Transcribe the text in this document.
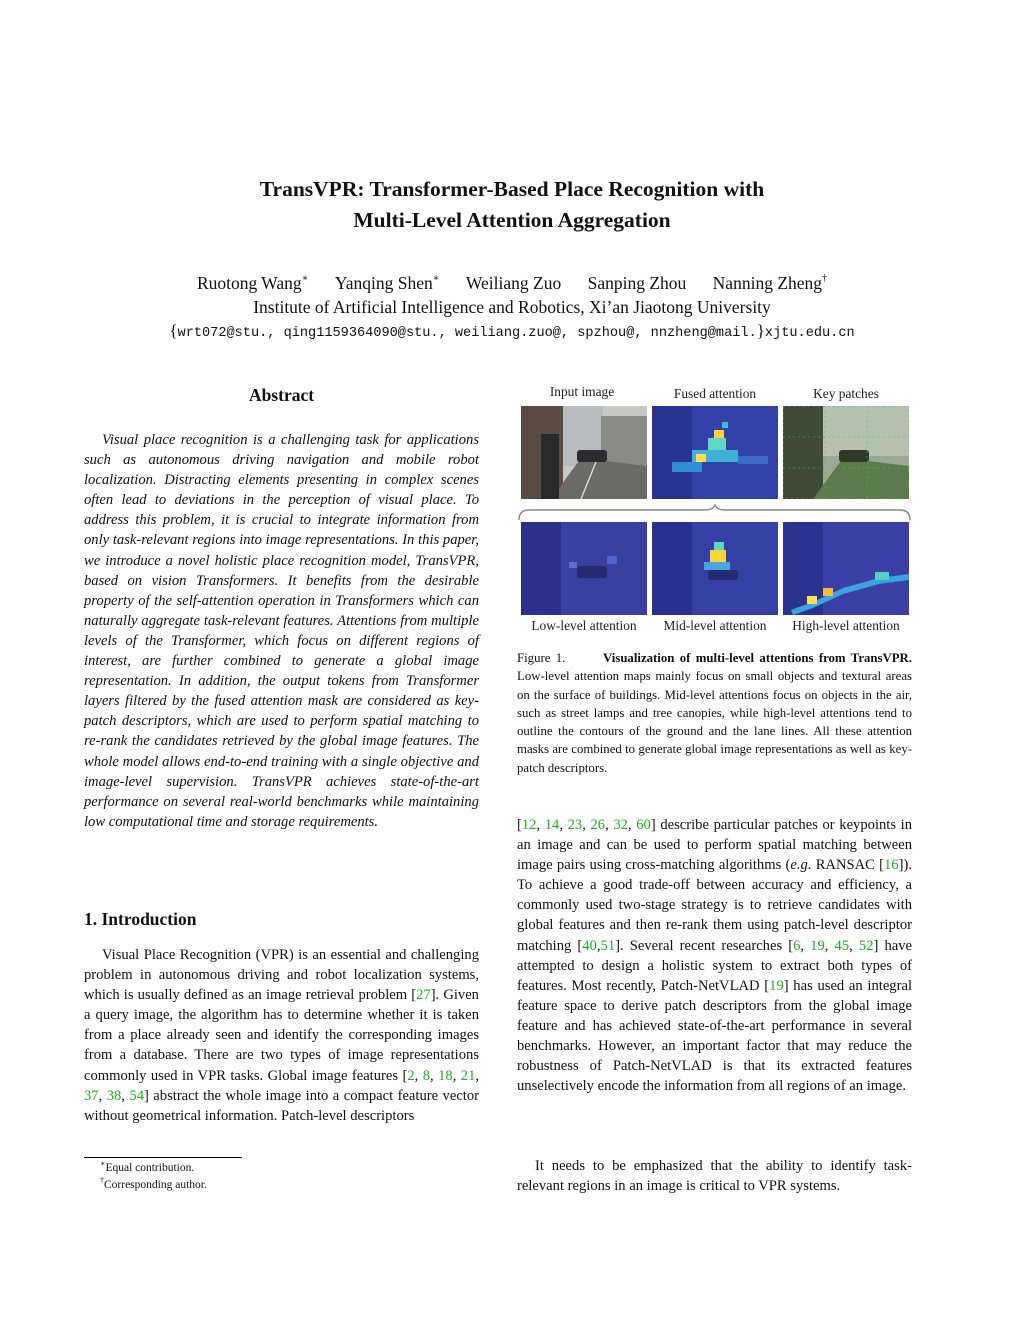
TransVPR: Transformer-Based Place Recognition with
Multi-Level Attention Aggregation
Ruotong Wang∗ Yanqing Shen∗ Weiliang Zuo Sanping Zhou Nanning Zheng†
Institute of Artificial Intelligence and Robotics, Xi’an Jiaotong University
{wrt072@stu., qing1159364090@stu., weiliang.zuo@, spzhou@, nnzheng@mail.}xjtu.edu.cn
Abstract
Visual place recognition is a challenging task for applications such as autonomous driving navigation and mobile robot localization. Distracting elements presenting in complex scenes often lead to deviations in the perception of visual place. To address this problem, it is crucial to integrate information from only task-relevant regions into image representations. In this paper, we introduce a novel holistic place recognition model, TransVPR, based on vision Transformers. It benefits from the desirable property of the self-attention operation in Transformers which can naturally aggregate task-relevant features. Attentions from multiple levels of the Transformer, which focus on different regions of interest, are further combined to generate a global image representation. In addition, the output tokens from Transformer layers filtered by the fused attention mask are considered as key-patch descriptors, which are used to perform spatial matching to re-rank the candidates retrieved by the global image features. The whole model allows end-to-end training with a single objective and image-level supervision. TransVPR achieves state-of-the-art performance on several real-world benchmarks while maintaining low computational time and storage requirements.
1. Introduction
Visual Place Recognition (VPR) is an essential and challenging problem in autonomous driving and robot localization systems, which is usually defined as an image retrieval problem [27]. Given a query image, the algorithm has to determine whether it is taken from a place already seen and identify the corresponding images from a database. There are two types of image representations commonly used in VPR tasks. Global image features [2, 8, 18, 21, 37, 38, 54] abstract the whole image into a compact feature vector without geometrical information. Patch-level descriptors
∗Equal contribution.
†Corresponding author.
Input image	Fused attention	Key patches
Low-level attention	Mid-level attention	High-level attention
Figure 1.	Visualization of multi-level attentions from TransVPR. Low-level attention maps mainly focus on small objects and textural areas on the surface of buildings. Mid-level attentions focus on objects in the air, such as street lamps and tree canopies, while high-level attentions tend to outline the contours of the ground and the lane lines. All these attention masks are combined to generate global image representations as well as key-patch descriptors.
[12, 14, 23, 26, 32, 60] describe particular patches or keypoints in an image and can be used to perform spatial matching between image pairs using cross-matching algorithms (e.g. RANSAC [16]). To achieve a good trade-off between accuracy and efficiency, a commonly used two-stage strategy is to retrieve candidates with global features and then re-rank them using patch-level descriptor matching [40,51]. Several recent researches [6, 19, 45, 52] have attempted to design a holistic system to extract both types of features. Most recently, Patch-NetVLAD [19] has used an integral feature space to derive patch descriptors from the global image feature and has achieved state-of-the-art performance in several benchmarks. However, an important factor that may reduce the robustness of Patch-NetVLAD is that its extracted features unselectively encode the information from all regions of an image.
It needs to be emphasized that the ability to identify task-relevant regions in an image is critical to VPR systems.
